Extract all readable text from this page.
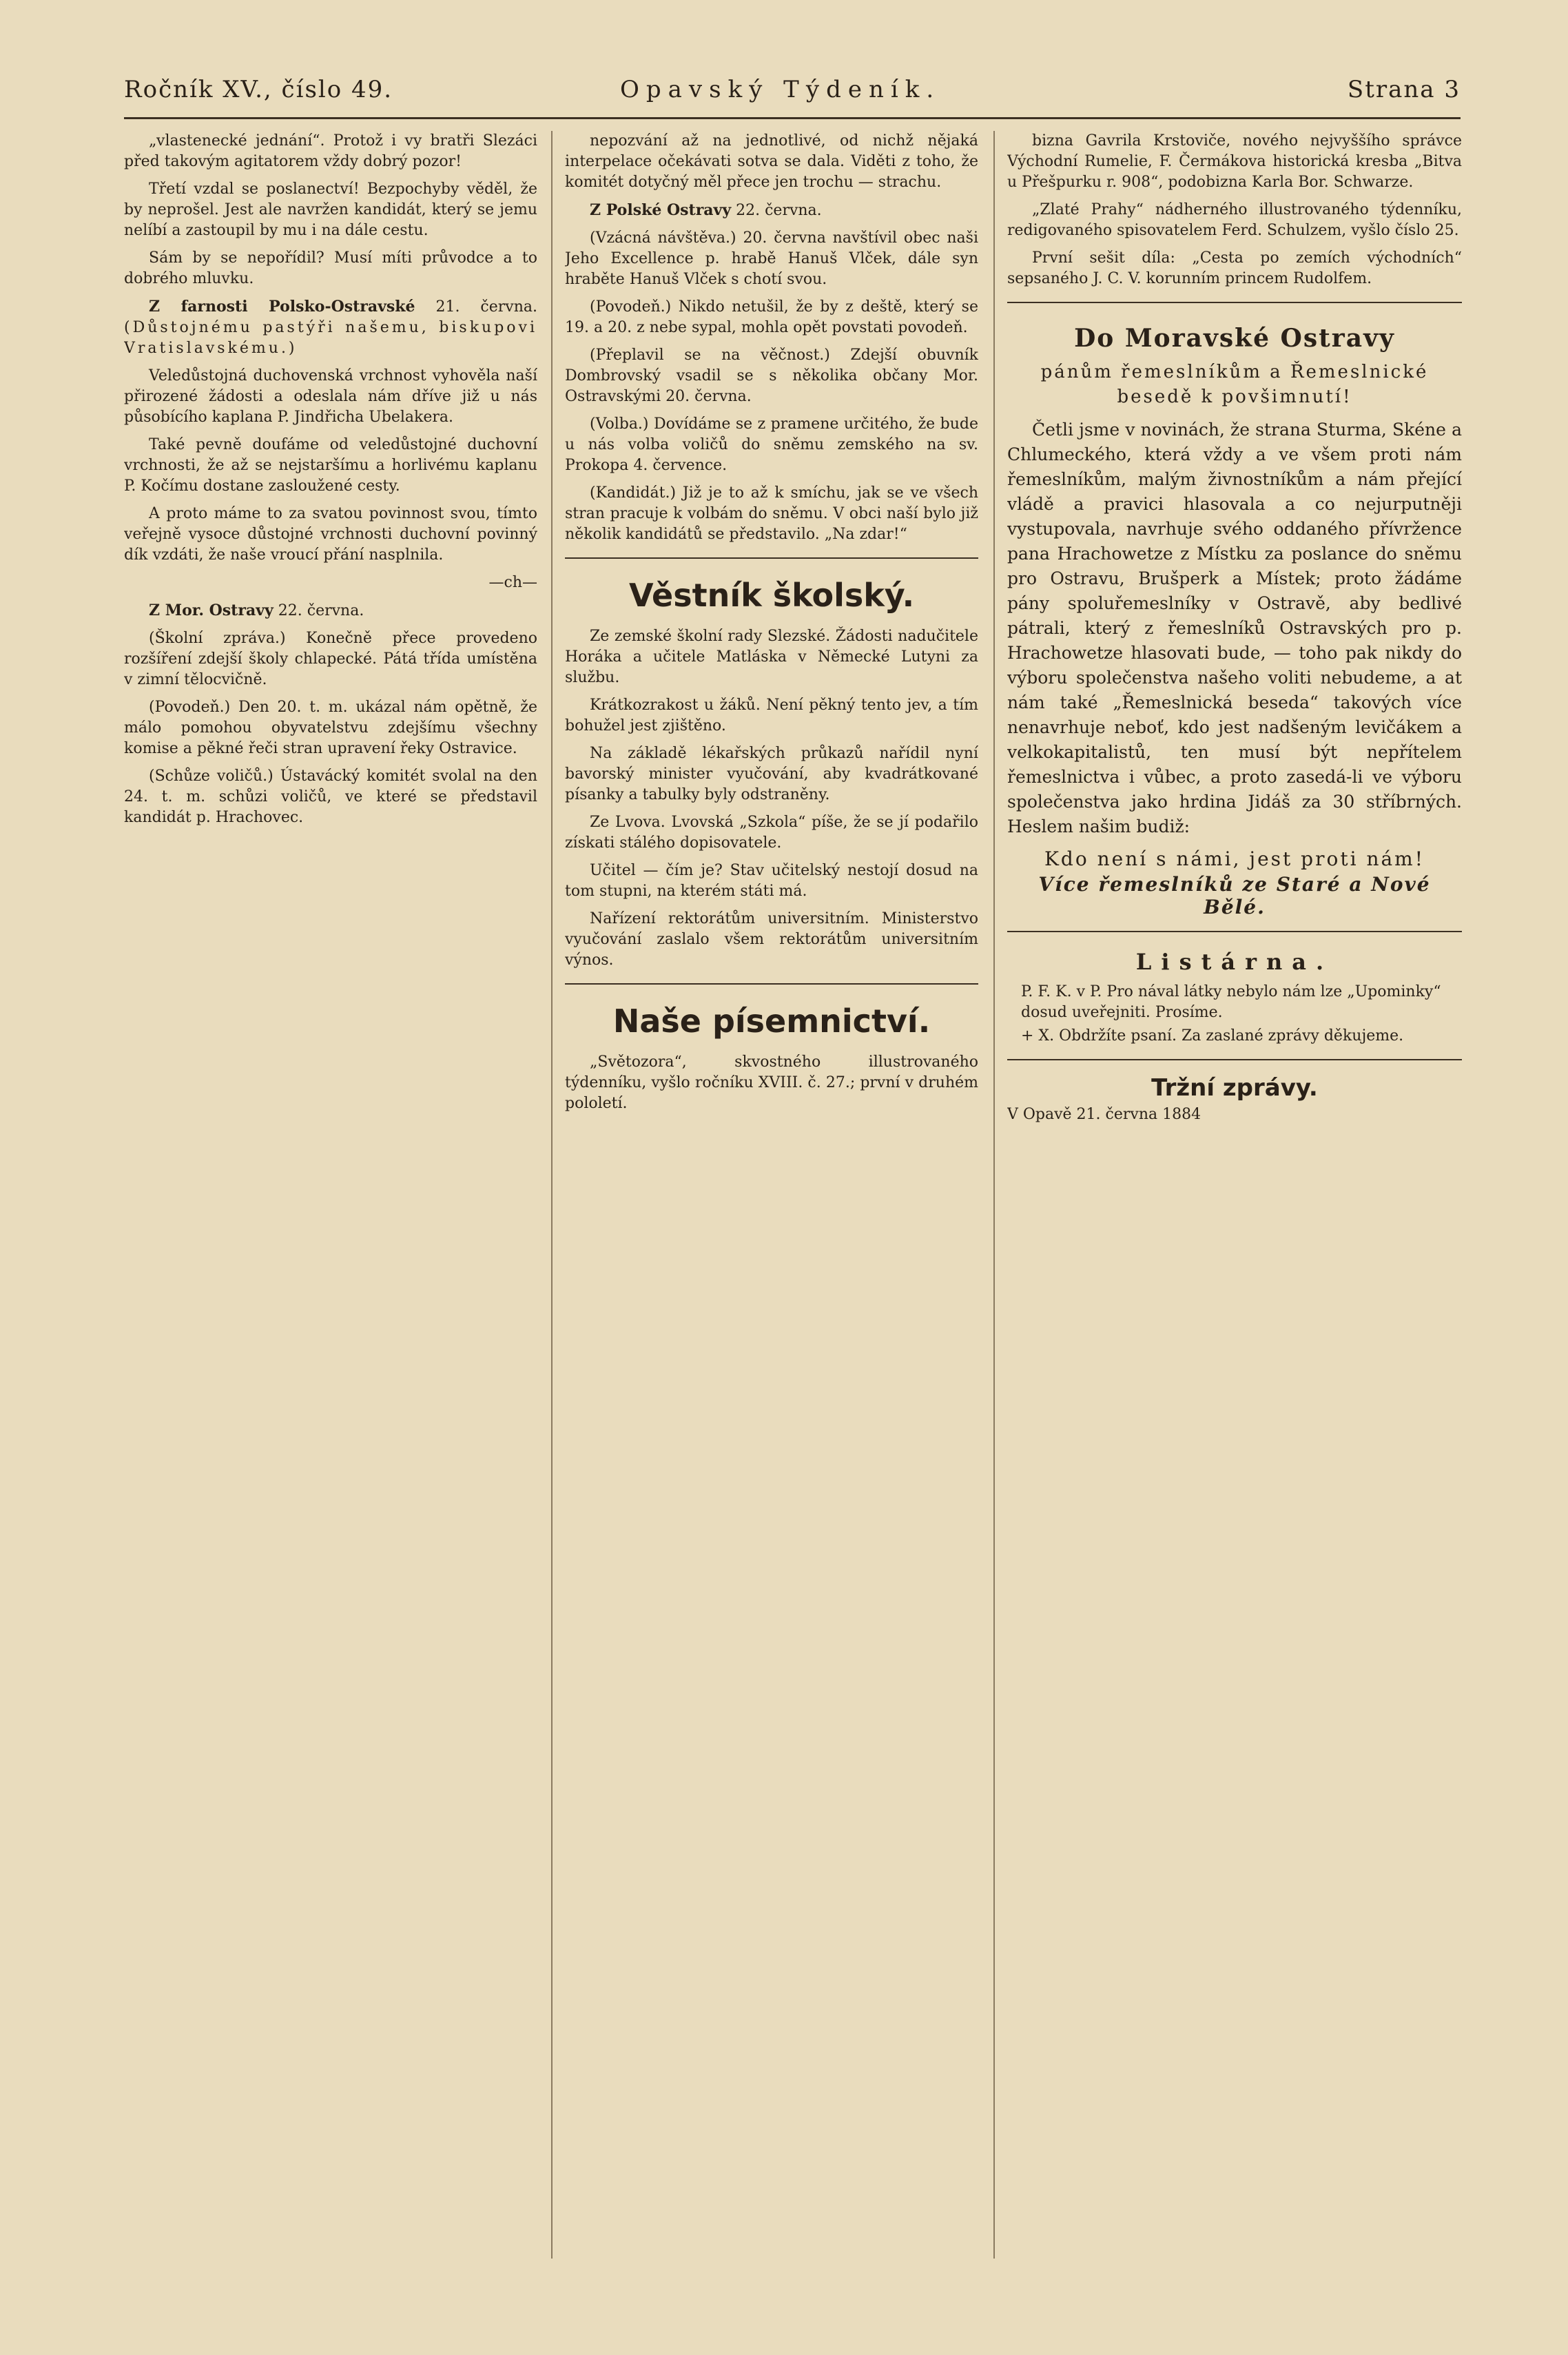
Ročník XV., číslo 49.	Opavský Týdeník.	Strana 3

„vlastenecké jednání“. Protož i vy bratři Slezáci před takovým agitatorem vždy dobrý pozor!

Třetí vzdal se poslanectví! Bezpochyby věděl, že by neprošel. Jest ale navržen kandidát, který se jemu nelíbí a zastoupil by mu i na dále cestu.

Sám by se nepořídil? Musí míti průvodce a to dobrého mluvku.

Z farnosti Polsko-Ostravské 21. června. (Důstojnému pastýři našemu, biskupovi Vratislavskému.)

Veledůstojná duchovenská vrchnost vyhověla naší přirozené žádosti a odeslala nám dříve již u nás působícího kaplana P. Jindřicha Ubelakera.

Také pevně doufáme od veledůstojné duchovní vrchnosti, že až se nejstaršímu a horlivému kaplanu P. Kočímu dostane zasloužené cesty.

A proto máme to za svatou povinnost svou, tímto veřejně vysoce důstojné vrchnosti duchovní povinný dík vzdáti, že naše vroucí přání nasplnila.

—ch—

Z Mor. Ostravy 22. června.

(Školní zpráva.) Konečně přece provedeno rozšíření zdejší školy chlapecké. Pátá třída umístěna v zimní tělocvičně.

(Povodeň.) Den 20. t. m. ukázal nám opětně, že málo pomohou obyvatelstvu zdejšímu všechny komise a pěkné řeči stran upravení řeky Ostravice.

(Schůze voličů.) Ústavácký komitét svolal na den 24. t. m. schůzi voličů, ve které se představil kandidát p. Hrachovec.

nepozvání až na jednotlivé, od nichž nějaká interpelace očekávati sotva se dala. Viděti z toho, že komitét dotyčný měl přece jen trochu — strachu.

Z Polské Ostravy 22. června.

(Vzácná návštěva.) 20. června navštívil obec naši Jeho Excellence p. hrabě Hanuš Vlček, dále syn hraběte Hanuš Vlček s chotí svou.

(Povodeň.) Nikdo netušil, že by z deště, který se 19. a 20. z nebe sypal, mohla opět povstati povodeň.

(Přeplavil se na věčnost.) Zdejší obuvník Dombrovský vsadil se s několika občany Mor. Ostravskými 20. června.

(Volba.) Dovídáme se z pramene určitého, že bude u nás volba voličů do sněmu zemského na sv. Prokopa 4. července.

(Kandidát.) Již je to až k smíchu, jak se ve všech stran pracuje k volbám do sněmu. V obci naší bylo již několik kandidátů se představilo. „Na zdar!“

Věstník školský.

Ze zemské školní rady Slezské. Žádosti nadučitele Horáka a učitele Matláska v Německé Lutyni za službu.

Krátkozrakost u žáků. Není pěkný tento jev, a tím bohužel jest zjištěno.

Na základě lékařských průkazů nařídil nyní bavorský minister vyučování, aby kvadrátkované písanky a tabulky byly odstraněny.

Ze Lvova. Lvovská „Szkola“ píše, že se jí podařilo získati stálého dopisovatele.

Učitel — čím je? Stav učitelský nestojí dosud na tom stupni, na kterém státi má.

Nařízení rektorátům universitním. Ministerstvo vyučování zaslalo všem rektorátům universitním výnos.

Naše písemnictví.

„Světozora“, skvostného illustrovaného týdenníku, vyšlo ročníku XVIII. č. 27.; první v druhém pololetí.

bizna Gavrila Krstoviče, nového nejvyššího správce Východní Rumelie, F. Čermákova historická kresba „Bitva u Přešpurku r. 908“, podobizna Karla Bor. Schwarze.

„Zlaté Prahy“ nádherného illustrovaného týdenníku, redigovaného spisovatelem Ferd. Schulzem, vyšlo číslo 25.

První sešit díla: „Cesta po zemích východních“ sepsaného J. C. V. korunním princem Rudolfem.

Do Moravské Ostravy
pánům řemeslníkům a Řemeslnické besedě k povšimnutí!

Četli jsme v novinách, že strana Sturma, Skéne a Chlumeckého, která vždy a ve všem proti nám řemeslníkům, malým živnostníkům a nám přející vládě a pravici hlasovala a co nejurputněji vystupovala, navrhuje svého oddaného přívržence pana Hrachowetze z Místku za poslance do sněmu pro Ostravu, Brušperk a Místek; proto žádáme pány spoluřemeslníky v Ostravě, aby bedlivé pátrali, který z řemeslníků Ostravských pro p. Hrachowetze hlasovati bude, — toho pak nikdy do výboru společenstva našeho voliti nebudeme, a at nám také „Řemeslnická beseda“ takových více nenavrhuje neboť, kdo jest nadšeným levičákem a velkokapitalistů, ten musí být nepřítelem řemeslnictva i vůbec, a proto zasedá-li ve výboru společenstva jako hrdina Jidáš za 30 stříbrných. Heslem našim budiž:

Kdo není s námi, jest proti nám!
Více řemeslníků ze Staré a Nové Bělé.
Listárna.

P. F. K. v P. Pro nával látky nebylo nám lze „Upominky“ dosud uveřejniti. Prosíme.

+ X. Obdržíte psaní. Za zaslané zprávy děkujeme.

Tržní zprávy.
V Opavě 21. června 1884
